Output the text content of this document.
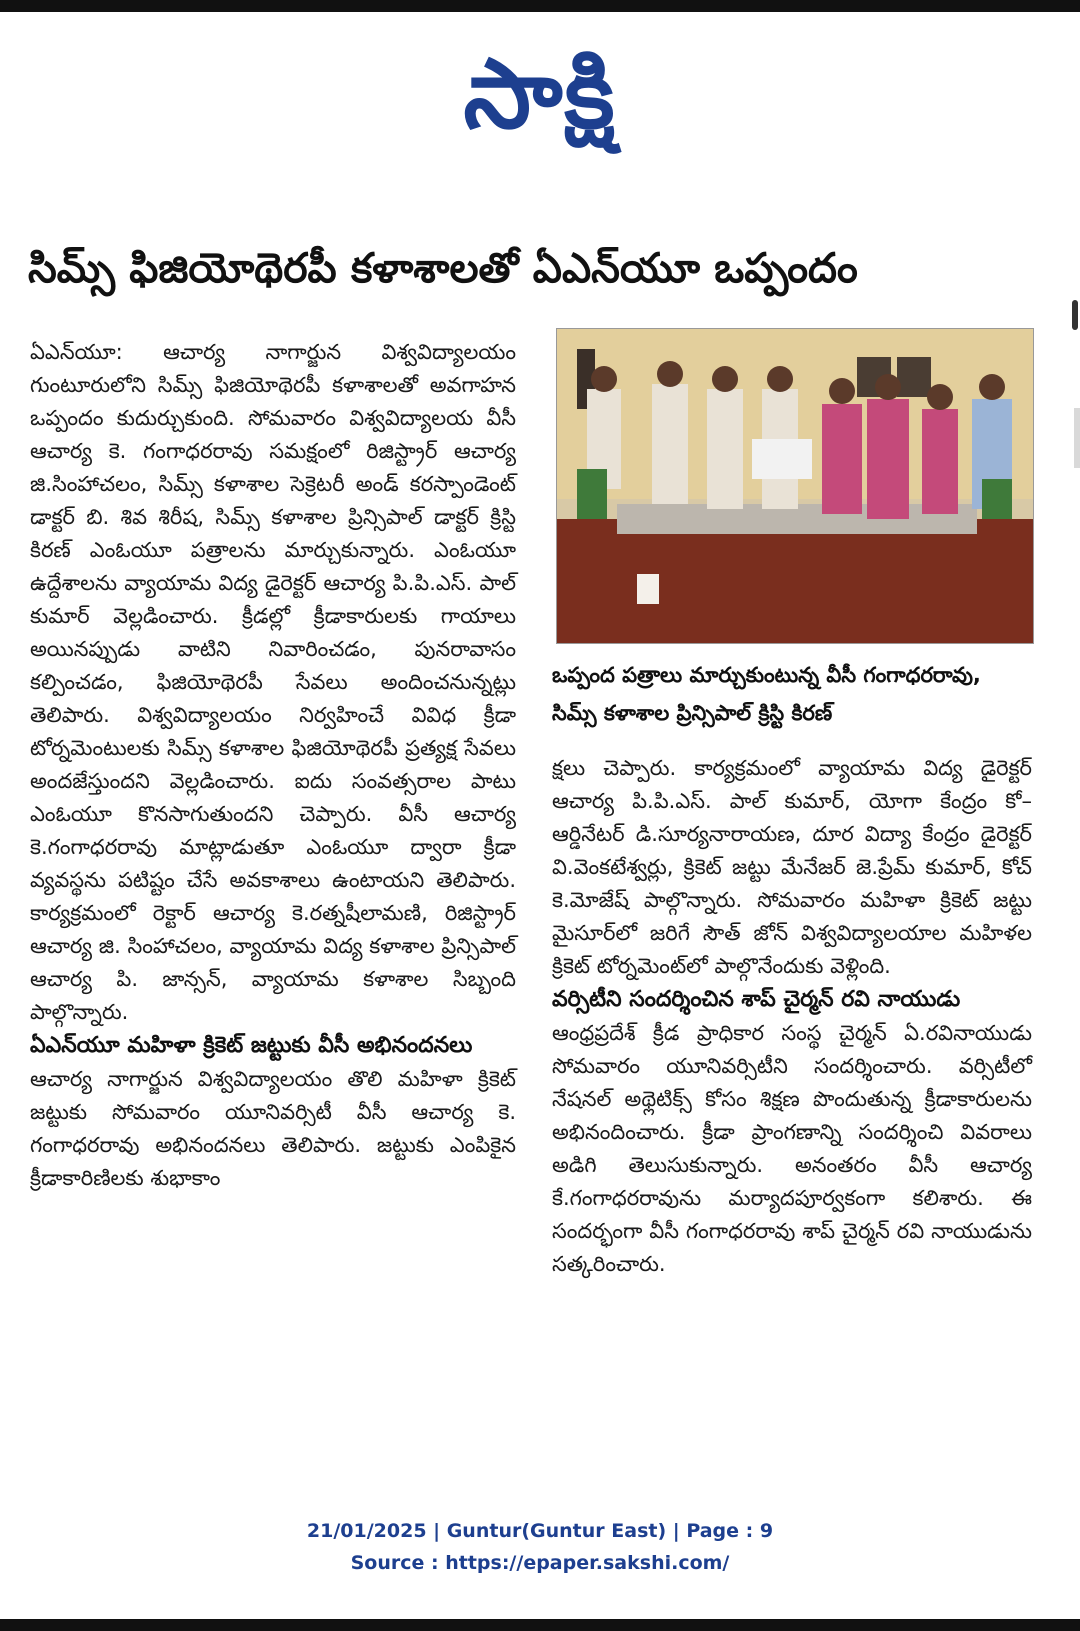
సాక్షి
సిమ్స్ ఫిజియోథెరపీ కళాశాలతో ఏఎన్‌యూ ఒప్పందం

ఏఎన్‌యూ: ఆచార్య నాగార్జున విశ్వవిద్యాలయం గుంటూరులోని సిమ్స్ ఫిజియోథెరపీ కళాశాలతో అవగాహన ఒప్పందం కుదుర్చుకుంది. సోమవారం విశ్వవిద్యాలయ వీసీ ఆచార్య కె. గంగాధరరావు సమక్షంలో రిజిస్ట్రార్ ఆచార్య జి.సింహాచలం, సిమ్స్ కళాశాల సెక్రెటరీ అండ్ కరస్పాండెంట్ డాక్టర్ బి. శివ శిరీష, సిమ్స్ కళాశాల ప్రిన్సిపాల్ డాక్టర్ క్రిస్టి కిరణ్ ఎంఓయూ పత్రాలను మార్చుకున్నారు. ఎంఓయూ ఉద్దేశాలను వ్యాయామ విద్య డైరెక్టర్ ఆచార్య పి.పి.ఎస్. పాల్ కుమార్ వెల్లడించారు. క్రీడల్లో క్రీడాకారులకు గాయాలు అయినప్పుడు వాటిని నివారించడం, పునరావాసం కల్పించడం, ఫిజియోథెరపీ సేవలు అందించనున్నట్లు తెలిపారు. విశ్వవిద్యాలయం నిర్వహించే వివిధ క్రీడా టోర్నమెంటులకు సిమ్స్ కళాశాల ఫిజియోథెరపీ ప్రత్యక్ష సేవలు అందజేస్తుందని వెల్లడించారు. ఐదు సంవత్సరాల పాటు ఎంఓయూ కొనసాగుతుందని చెప్పారు. వీసీ ఆచార్య కె.గంగాధరరావు మాట్లాడుతూ ఎంఓయూ ద్వారా క్రీడా వ్యవస్థను పటిష్టం చేసే అవకాశాలు ఉంటాయని తెలిపారు. కార్యక్రమంలో రెక్టార్ ఆచార్య కె.రత్నషీలామణి, రిజిస్ట్రార్ ఆచార్య జి. సింహాచలం, వ్యాయామ విద్య కళాశాల ప్రిన్సిపాల్ ఆచార్య పి. జాన్సన్, వ్యాయామ కళాశాల సిబ్బంది పాల్గొన్నారు.

ఏఎన్‌యూ మహిళా క్రికెట్ జట్టుకు వీసీ అభినందనలు

ఆచార్య నాగార్జున విశ్వవిద్యాలయం తొలి మహిళా క్రికెట్ జట్టుకు సోమవారం యూనివర్సిటీ వీసీ ఆచార్య కె. గంగాధరరావు అభినందనలు తెలిపారు. జట్టుకు ఎంపికైన క్రీడాకారిణిలకు శుభాకాం

ఒప్పంద పత్రాలు మార్చుకుంటున్న వీసీ గంగాధరరావు,
సిమ్స్ కళాశాల ప్రిన్సిపాల్ క్రిస్టి కిరణ్

క్షలు చెప్పారు. కార్యక్రమంలో వ్యాయామ విద్య డైరెక్టర్ ఆచార్య పి.పి.ఎస్. పాల్ కుమార్, యోగా కేంద్రం కో–ఆర్డినేటర్ డి.సూర్యనారాయణ, దూర విద్యా కేంద్రం డైరెక్టర్ వి.వెంకటేశ్వర్లు, క్రికెట్ జట్టు మేనేజర్ జె.ప్రేమ్ కుమార్, కోచ్ కె.మోజేష్ పాల్గొన్నారు. సోమవారం మహిళా క్రికెట్ జట్టు మైసూర్‌లో జరిగే సౌత్ జోన్ విశ్వవిద్యాలయాల మహిళల క్రికెట్ టోర్నమెంట్‌లో పాల్గొనేందుకు వెళ్లింది.

వర్సిటీని సందర్శించిన శాప్ చైర్మన్ రవి నాయుడు

ఆంధ్రప్రదేశ్ క్రీడ ప్రాధికార సంస్థ చైర్మన్ ఏ.రవినాయుడు సోమవారం యూనివర్సిటీని సందర్శించారు. వర్సిటీలో నేషనల్ అథ్లెటిక్స్ కోసం శిక్షణ పొందుతున్న క్రీడాకారులను అభినందించారు. క్రీడా ప్రాంగణాన్ని సందర్శించి వివరాలు అడిగి తెలుసుకున్నారు. అనంతరం వీసీ ఆచార్య కే.గంగాధరరావును మర్యాదపూర్వకంగా కలిశారు. ఈ సందర్భంగా వీసీ గంగాధరరావు శాప్ చైర్మన్ రవి నాయుడును సత్కరించారు.

21/01/2025 | Guntur(Guntur East) | Page : 9
Source : https://epaper.sakshi.com/
